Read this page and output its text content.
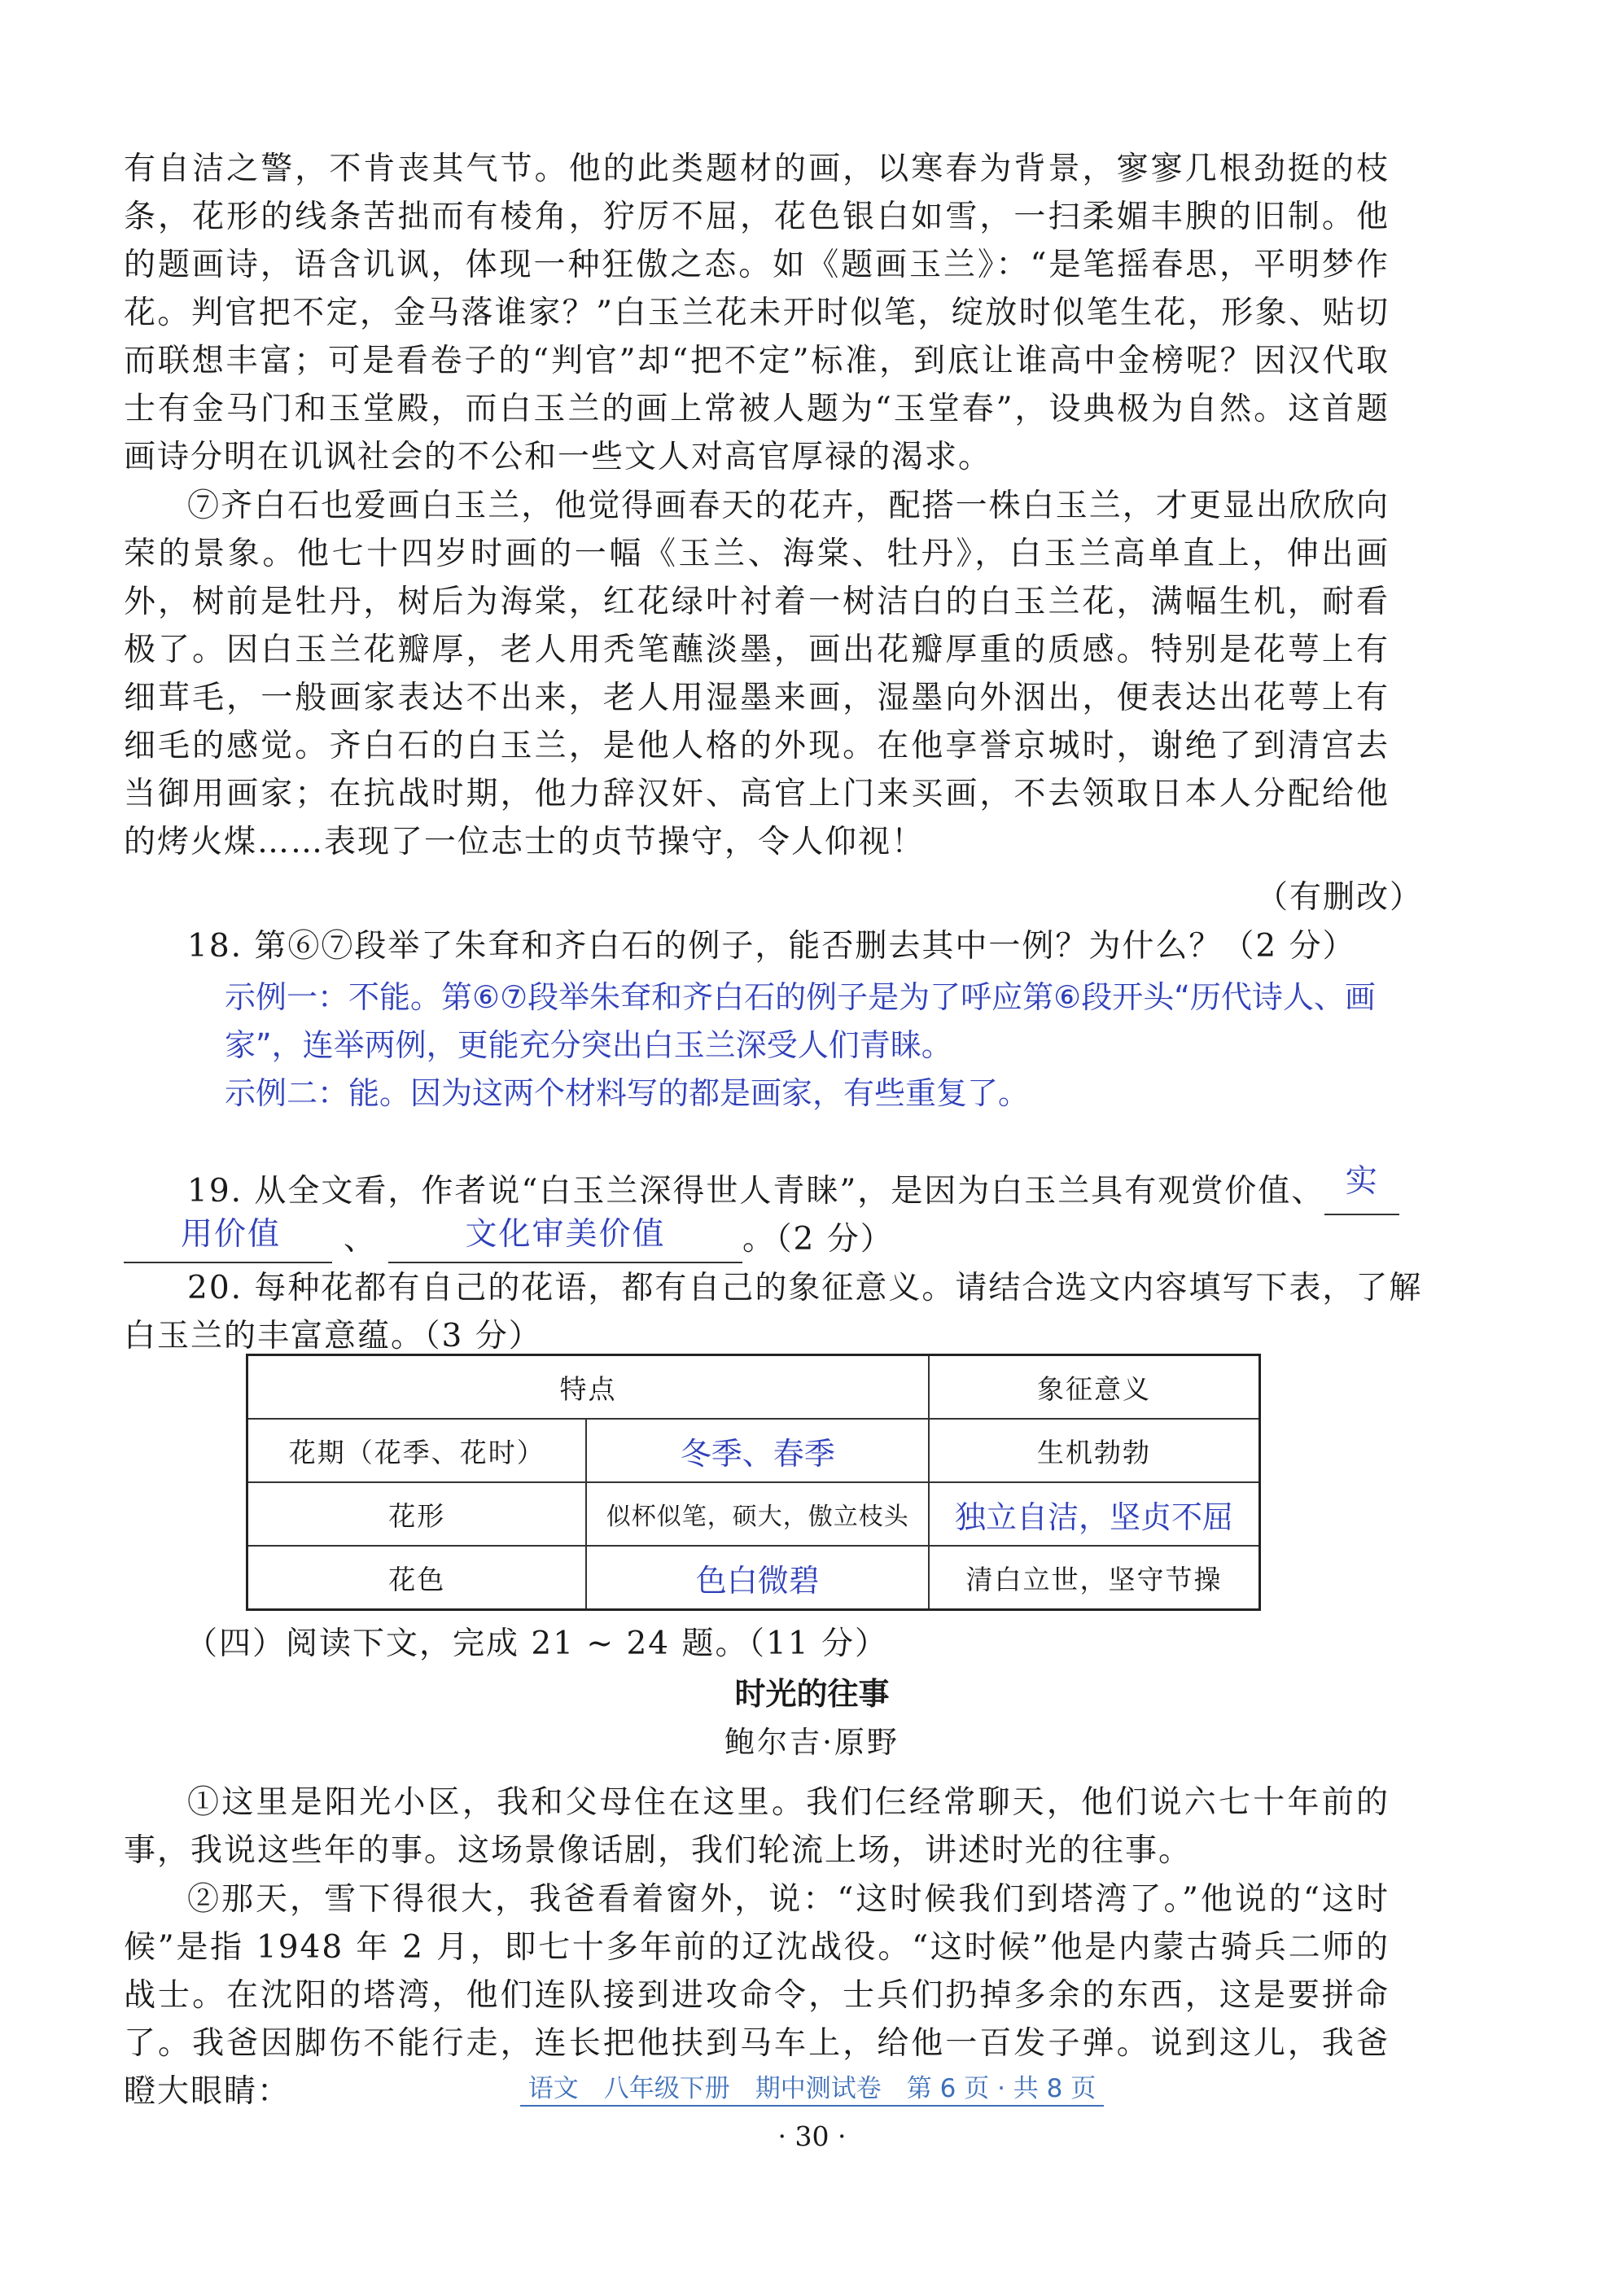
有自洁之警，不肯丧其气节。他的此类题材的画，以寒春为背景，寥寥几根劲挺的枝条，花形的线条苦拙而有棱角，狞厉不屈，花色银白如雪，一扫柔媚丰腴的旧制。他的题画诗，语含讥讽，体现一种狂傲之态。如《题画玉兰》：“是笔摇春思，平明梦作花。判官把不定，金马落谁家？”白玉兰花未开时似笔，绽放时似笔生花，形象、贴切而联想丰富；可是看卷子的“判官”却“把不定”标准，到底让谁高中金榜呢？因汉代取士有金马门和玉堂殿，而白玉兰的画上常被人题为“玉堂春”，设典极为自然。这首题画诗分明在讥讽社会的不公和一些文人对高官厚禄的渴求。

⑦齐白石也爱画白玉兰，他觉得画春天的花卉，配搭一株白玉兰，才更显出欣欣向荣的景象。他七十四岁时画的一幅《玉兰、海棠、牡丹》，白玉兰高单直上，伸出画外，树前是牡丹，树后为海棠，红花绿叶衬着一树洁白的白玉兰花，满幅生机，耐看极了。因白玉兰花瓣厚，老人用秃笔蘸淡墨，画出花瓣厚重的质感。特别是花萼上有细茸毛，一般画家表达不出来，老人用湿墨来画，湿墨向外洇出，便表达出花萼上有细毛的感觉。齐白石的白玉兰，是他人格的外现。在他享誉京城时，谢绝了到清宫去当御用画家；在抗战时期，他力辞汉奸、高官上门来买画，不去领取日本人分配给他的烤火煤……表现了一位志士的贞节操守，令人仰视！

（有删改）
18. 第⑥⑦段举了朱耷和齐白石的例子，能否删去其中一例？为什么？（2 分）
示例一：不能。第⑥⑦段举朱耷和齐白石的例子是为了呼应第⑥段开头“历代诗人、画
家”，连举两例，更能充分突出白玉兰深受人们青睐。
示例二：能。因为这两个材料写的都是画家，有些重复了。
19. 从全文看，作者说“白玉兰深得世人青睐”，是因为白玉兰具有观赏价值、 实
用价值	、	文化审美价值	。（2 分）
20. 每种花都有自己的花语，都有自己的象征意义。请结合选文内容填写下表，了解
白玉兰的丰富意蕴。（3 分）
特点		象征意义
花期（花季、花时）	冬季、春季	生机勃勃
花形	似杯似笔，硕大，傲立枝头	独立自洁，坚贞不屈
花色	色白微碧	清白立世，坚守节操
（四）阅读下文，完成 21 ~ 24 题。（11 分）
时光的往事
鲍尔吉·原野

①这里是阳光小区，我和父母住在这里。我们仨经常聊天，他们说六七十年前的事，我说这些年的事。这场景像话剧，我们轮流上场，讲述时光的往事。

②那天，雪下得很大，我爸看着窗外，说：“这时候我们到塔湾了。”他说的“这时候”是指 1948 年 2 月，即七十多年前的辽沈战役。“这时候”他是内蒙古骑兵二师的战士。在沈阳的塔湾，他们连队接到进攻命令，士兵们扔掉多余的东西，这是要拼命了。我爸因脚伤不能行走，连长把他扶到马车上，给他一百发子弹。说到这儿，我爸瞪大眼睛：	语文　八年级下册　期中测试卷　第 6 页 · 共 8 页
· 30 ·
